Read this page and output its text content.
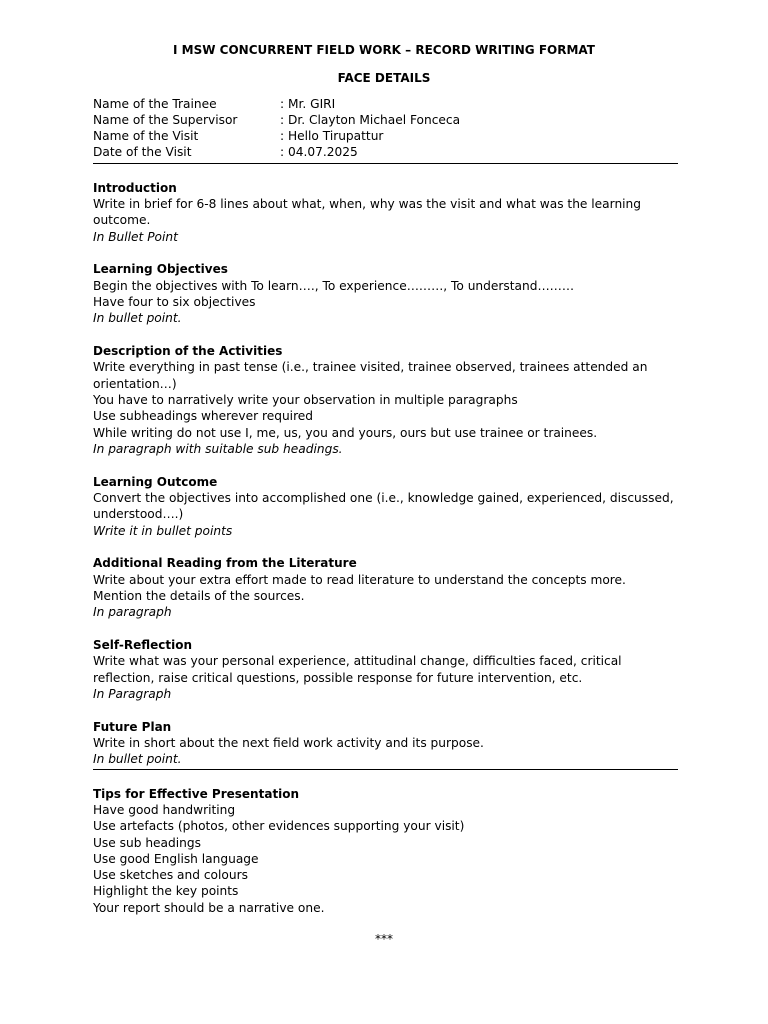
I MSW CONCURRENT FIELD WORK – RECORD WRITING FORMAT
FACE DETAILS
Name of the Trainee	: Mr. GIRI
Name of the Supervisor	: Dr. Clayton Michael Fonceca
Name of the Visit	: Hello Tirupattur
Date of the Visit	: 04.07.2025
Introduction
Write in brief for 6-8 lines about what, when, why was the visit and what was the learning outcome.
In Bullet Point
Learning Objectives
Begin the objectives with To learn…., To experience………, To understand………
Have four to six objectives
In bullet point.
Description of the Activities
Write everything in past tense (i.e., trainee visited, trainee observed, trainees attended an orientation…)
You have to narratively write your observation in multiple paragraphs
Use subheadings wherever required
While writing do not use I, me, us, you and yours, ours but use trainee or trainees.
In paragraph with suitable sub headings.
Learning Outcome
Convert the objectives into accomplished one (i.e., knowledge gained, experienced, discussed, understood….)
Write it in bullet points
Additional Reading from the Literature
Write about your extra effort made to read literature to understand the concepts more. Mention the details of the sources.
In paragraph
Self-Reflection
Write what was your personal experience, attitudinal change, difficulties faced, critical reflection, raise critical questions, possible response for future intervention, etc.
In Paragraph
Future Plan
Write in short about the next field work activity and its purpose.
In bullet point.
Tips for Effective Presentation
Have good handwriting
Use artefacts (photos, other evidences supporting your visit)
Use sub headings
Use good English language
Use sketches and colours
Highlight the key points
Your report should be a narrative one.
***
